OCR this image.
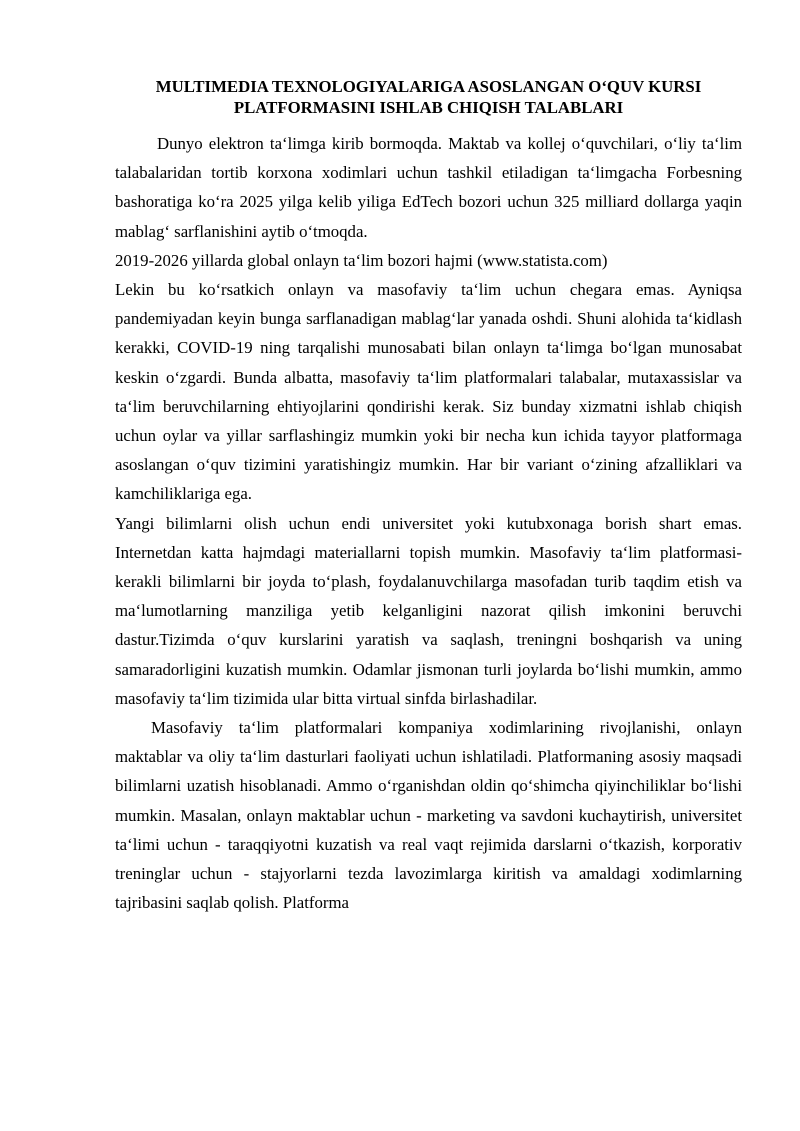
MULTIMEDIA TEXNOLOGIYALARIGA ASOSLANGAN O‘QUV KURSI
PLATFORMASINI ISHLAB CHIQISH TALABLARI

Dunyo elektron ta‘limga kirib bormoqda. Maktab va kollej o‘quvchilari, o‘liy ta‘lim talabalaridan tortib korxona xodimlari uchun tashkil etiladigan ta‘limgacha Forbesning bashoratiga ko‘ra 2025 yilga kelib yiliga EdTech bozori uchun 325 milliard dollarga yaqin mablag‘ sarflanishini aytib o‘tmoqda.

2019-2026 yillarda global onlayn ta‘lim bozori hajmi (www.statista.com)

Lekin bu ko‘rsatkich onlayn va masofaviy ta‘lim uchun chegara emas. Ayniqsa pandemiyadan keyin bunga sarflanadigan mablag‘lar yanada oshdi. Shuni alohida ta‘kidlash kerakki, COVID-19 ning tarqalishi munosabati bilan onlayn ta‘limga bo‘lgan munosabat keskin o‘zgardi. Bunda albatta, masofaviy ta‘lim platformalari talabalar, mutaxassislar va ta‘lim beruvchilarning ehtiyojlarini qondirishi kerak. Siz bunday xizmatni ishlab chiqish uchun oylar va yillar sarflashingiz mumkin yoki bir necha kun ichida tayyor platformaga asoslangan o‘quv tizimini yaratishingiz mumkin. Har bir variant o‘zining afzalliklari va kamchiliklariga ega.

Yangi bilimlarni olish uchun endi universitet yoki kutubxonaga borish shart emas. Internetdan katta hajmdagi materiallarni topish mumkin. Masofaviy ta‘lim platformasi-kerakli bilimlarni bir joyda to‘plash, foydalanuvchilarga masofadan turib taqdim etish va ma‘lumotlarning manziliga yetib kelganligini nazorat qilish imkonini beruvchi dastur.Tizimda o‘quv kurslarini yaratish va saqlash, treningni boshqarish va uning samaradorligini kuzatish mumkin. Odamlar jismonan turli joylarda bo‘lishi mumkin, ammo masofaviy ta‘lim tizimida ular bitta virtual sinfda birlashadilar.

Masofaviy ta‘lim platformalari kompaniya xodimlarining rivojlanishi, onlayn maktablar va oliy ta‘lim dasturlari faoliyati uchun ishlatiladi. Platformaning asosiy maqsadi bilimlarni uzatish hisoblanadi. Ammo o‘rganishdan oldin qo‘shimcha qiyinchiliklar bo‘lishi mumkin. Masalan, onlayn maktablar uchun - marketing va savdoni kuchaytirish, universitet ta‘limi uchun - taraqqiyotni kuzatish va real vaqt rejimida darslarni o‘tkazish, korporativ treninglar uchun - stajyorlarni tezda lavozimlarga kiritish va amaldagi xodimlarning tajribasini saqlab qolish. Platforma
